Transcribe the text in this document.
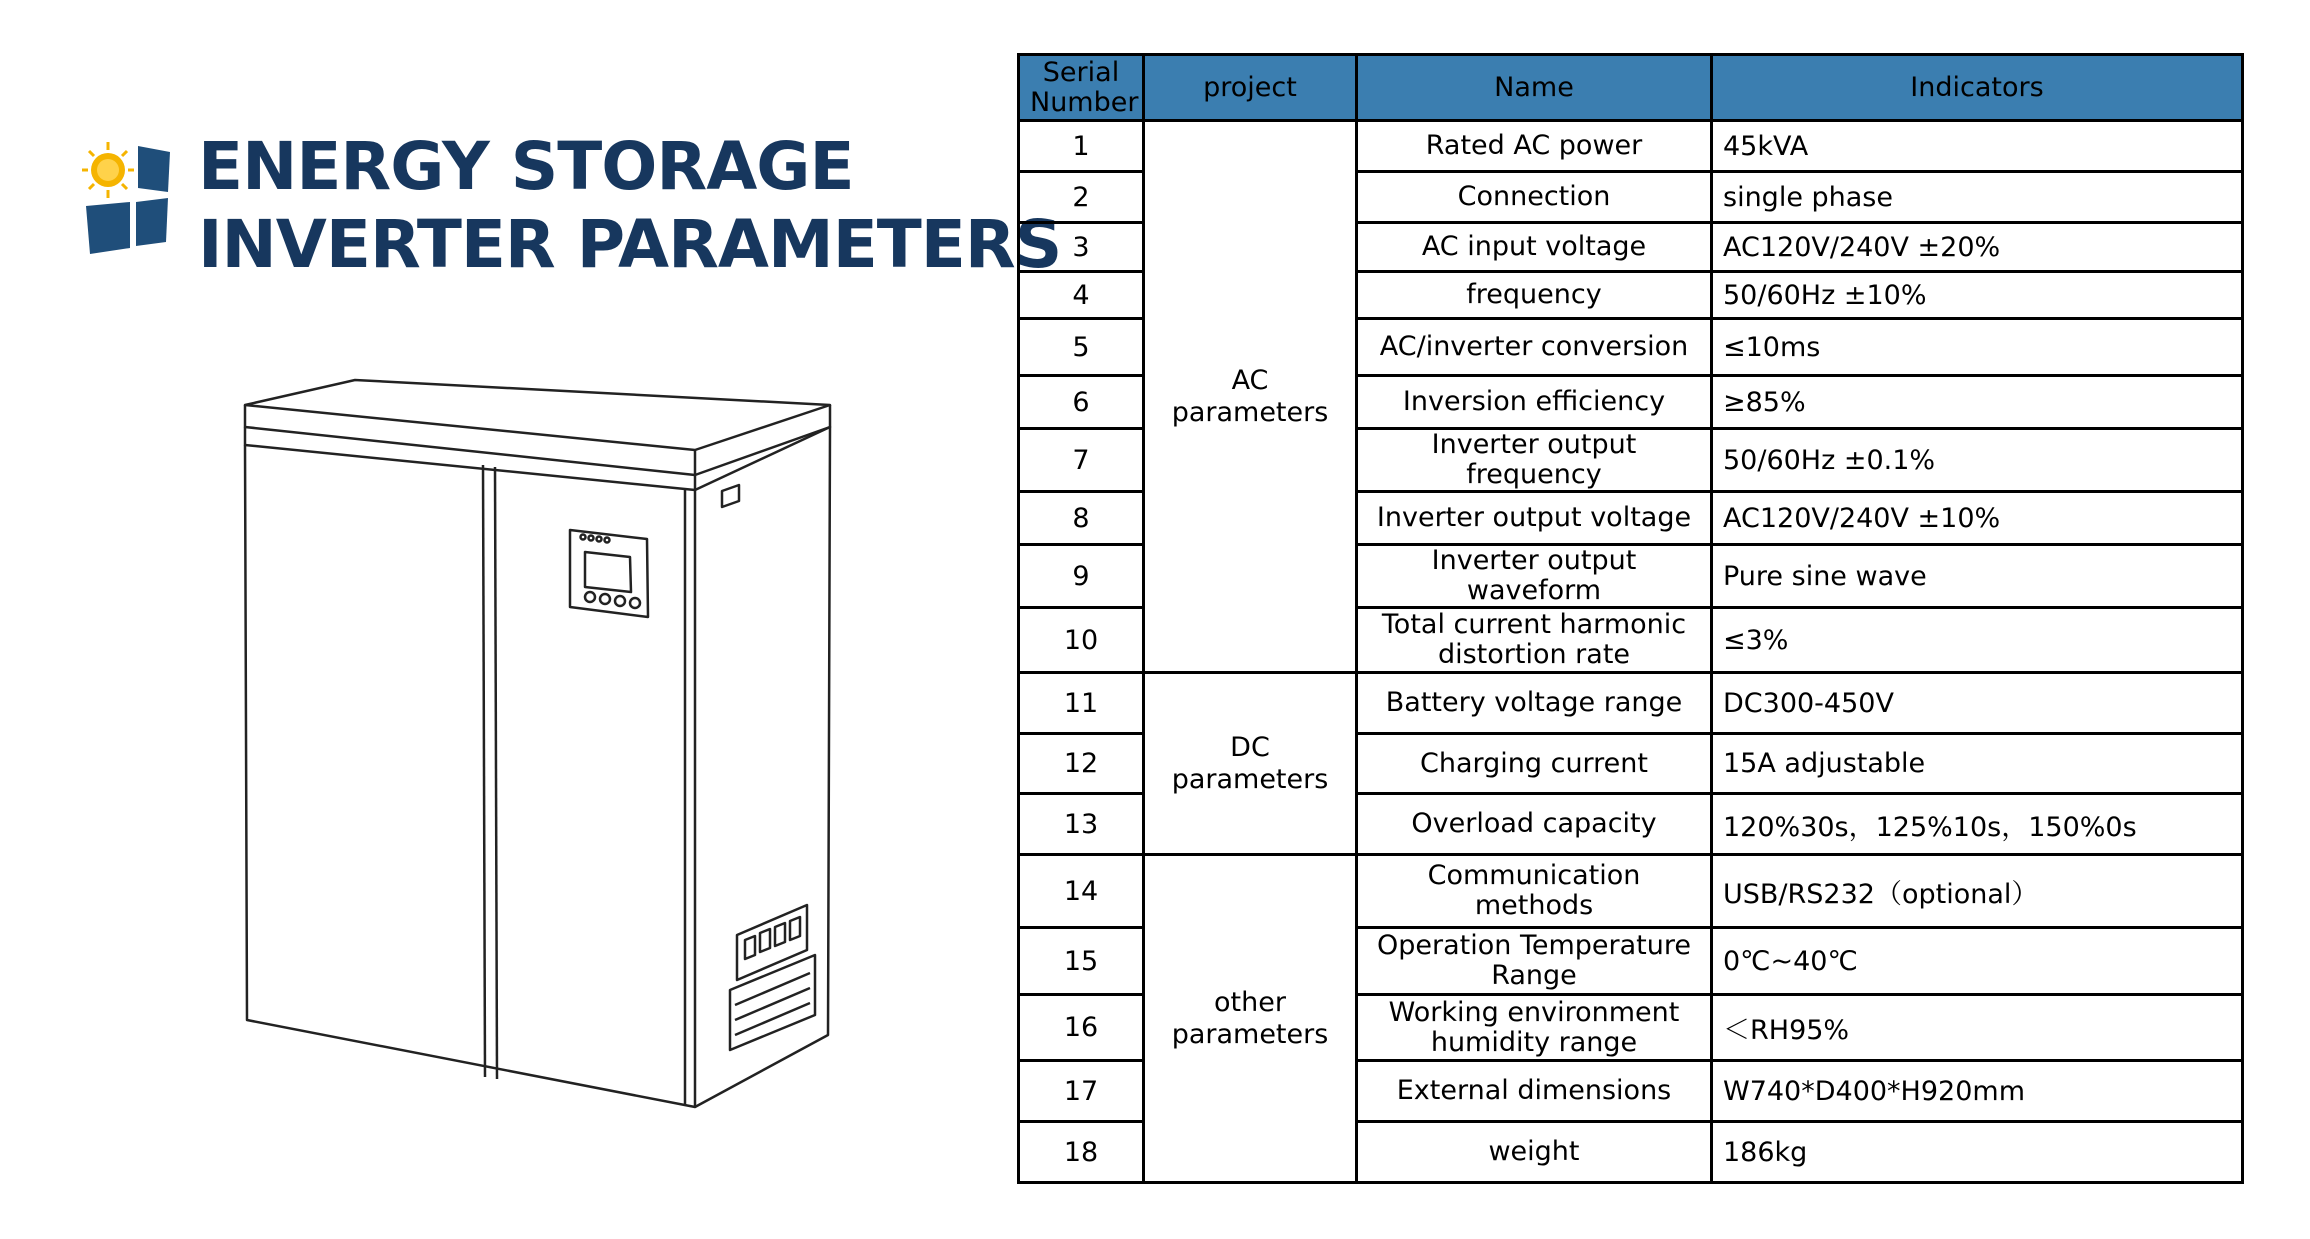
ENERGY STORAGE
INVERTER PARAMETERS
Serial Number	project	Name	Indicators
1	AC parameters	Rated AC power	45kVA
2		Connection	single phase
3		AC input voltage	AC120V/240V ±20%
4		frequency	50/60Hz ±10%
5		AC/inverter conversion	≤10ms
6		Inversion efficiency	≥85%
7		Inverter output frequency	50/60Hz ±0.1%
8		Inverter output voltage	AC120V/240V ±10%
9		Inverter output waveform	Pure sine wave
10		Total current harmonic distortion rate	≤3%
11	DC parameters	Battery voltage range	DC300-450V
12		Charging current	15A adjustable
13		Overload capacity	120%30s，125%10s，150%0s
14	other parameters	Communication methods	USB/RS232（optional）
15		Operation Temperature Range	0℃~40℃
16		Working environment humidity range	＜RH95%
17		External dimensions	W740*D400*H920mm
18		weight	186kg
